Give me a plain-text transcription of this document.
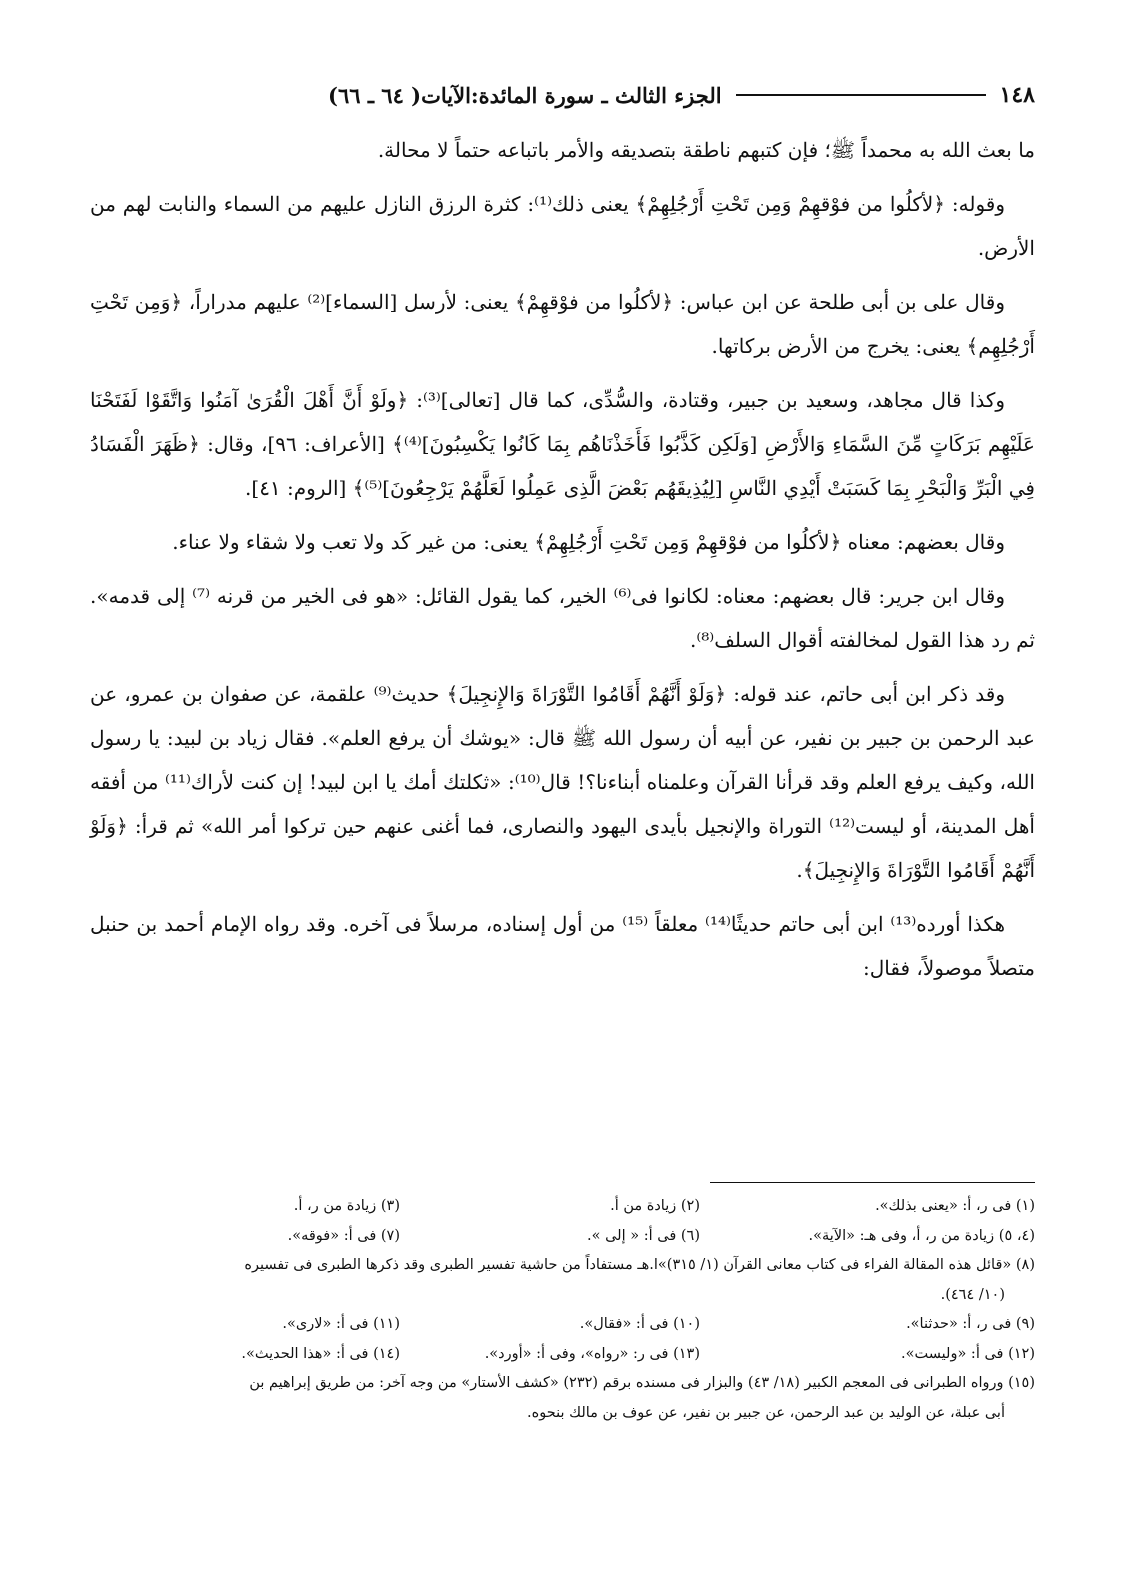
١٤٨
الجزء الثالث ـ سورة المائدة:الآيات( ٦٤ ـ ٦٦)

ما بعث الله به محمداً ﷺ؛ فإن كتبهم ناطقة بتصديقه والأمر باتباعه حتماً لا محالة.

وقوله: ﴿لأكلُوا من فوْقهِمْ وَمِن تَحْتِ أَرْجُلِهِمْ﴾ يعنى ذلك⁽¹⁾: كثرة الرزق النازل عليهم من السماء والنابت لهم من الأرض.

وقال على بن أبى طلحة عن ابن عباس: ﴿لأكلُوا من فوْقهِمْ﴾ يعنى: لأرسل [السماء]⁽²⁾ عليهم مدراراً، ﴿وَمِن تَحْتِ أَرْجُلِهِم﴾ يعنى: يخرج من الأرض بركاتها.

وكذا قال مجاهد، وسعيد بن جبير، وقتادة، والسُّدِّى، كما قال [تعالى]⁽³⁾: ﴿ولَوْ أَنَّ أَهْلَ الْقُرَىٰ آمَنُوا وَاتَّقَوْا لَفَتَحْنَا عَلَيْهِم بَرَكَاتٍ مِّنَ السَّمَاءِ وَالأَرْضِ [وَلَكِن كَذَّبُوا فَأَخَذْنَاهُم بِمَا كَانُوا يَكْسِبُونَ]⁽⁴⁾﴾ [الأعراف: ٩٦]، وقال: ﴿ظَهَرَ الْفَسَادُ فِي الْبَرِّ وَالْبَحْرِ بِمَا كَسَبَتْ أَيْدِي النَّاسِ [لِيُذِيقَهُم بَعْضَ الَّذِى عَمِلُوا لَعَلَّهُمْ يَرْجِعُونَ]⁽⁵⁾﴾ [الروم: ٤١].

وقال بعضهم: معناه ﴿لأكلُوا من فوْقهِمْ وَمِن تَحْتِ أَرْجُلِهِمْ﴾ يعنى: من غير كَد ولا تعب ولا شقاء ولا عناء.

وقال ابن جرير: قال بعضهم: معناه: لكانوا فى⁽⁶⁾ الخير، كما يقول القائل: «هو فى الخير من قرنه ⁽⁷⁾ إلى قدمه». ثم رد هذا القول لمخالفته أقوال السلف⁽⁸⁾.

وقد ذكر ابن أبى حاتم، عند قوله: ﴿وَلَوْ أَنَّهُمْ أَقَامُوا التَّوْرَاةَ وَالإِنجِيلَ﴾ حديث⁽⁹⁾ علقمة، عن صفوان بن عمرو، عن عبد الرحمن بن جبير بن نفير، عن أبيه أن رسول الله ﷺ قال: «يوشك أن يرفع العلم». فقال زياد بن لبيد: يا رسول الله، وكيف يرفع العلم وقد قرأنا القرآن وعلمناه أبناءنا؟! قال⁽¹⁰⁾: «ثكلتك أمك يا ابن لبيد! إن كنت لأراك⁽¹¹⁾ من أفقه أهل المدينة، أو ليست⁽¹²⁾ التوراة والإنجيل بأيدى اليهود والنصارى، فما أغنى عنهم حين تركوا أمر الله» ثم قرأ: ﴿وَلَوْ أَنَّهُمْ أَقَامُوا التَّوْرَاةَ وَالإِنجِيلَ﴾.

هكذا أورده⁽¹³⁾ ابن أبى حاتم حديثًا⁽¹⁴⁾ معلقاً ⁽¹⁵⁾ من أول إسناده، مرسلاً فى آخره. وقد رواه الإمام أحمد بن حنبل متصلاً موصولاً، فقال:

(١) فى ر، أ: «يعنى بذلك».
(٢) زيادة من أ.
(٣) زيادة من ر، أ.
(٤، ٥) زيادة من ر، أ، وفى هـ: «الآية».
(٦) فى أ: « إلى ».
(٧) فى أ: «فوقه».
(٨) «قائل هذه المقالة الفراء فى كتاب معانى القرآن (١/ ٣١٥)»ا.هـ مستفاداً من حاشية تفسير الطبرى وقد ذكرها الطبرى فى تفسيره
(١٠/ ٤٦٤).
(٩) فى ر، أ: «حدثنا».
(١٠) فى أ: «فقال».
(١١) فى أ: «لارى».
(١٢) فى أ: «وليست».
(١٣) فى ر: «رواه»، وفى أ: «أورد».
(١٤) فى أ: «هذا الحديث».
(١٥) ورواه الطبرانى فى المعجم الكبير (١٨/ ٤٣) والبزار فى مسنده برقم (٢٣٢) «كشف الأستار» من وجه آخر: من طريق إبراهيم بن
أبى عبلة، عن الوليد بن عبد الرحمن، عن جبير بن نفير، عن عوف بن مالك بنحوه.
